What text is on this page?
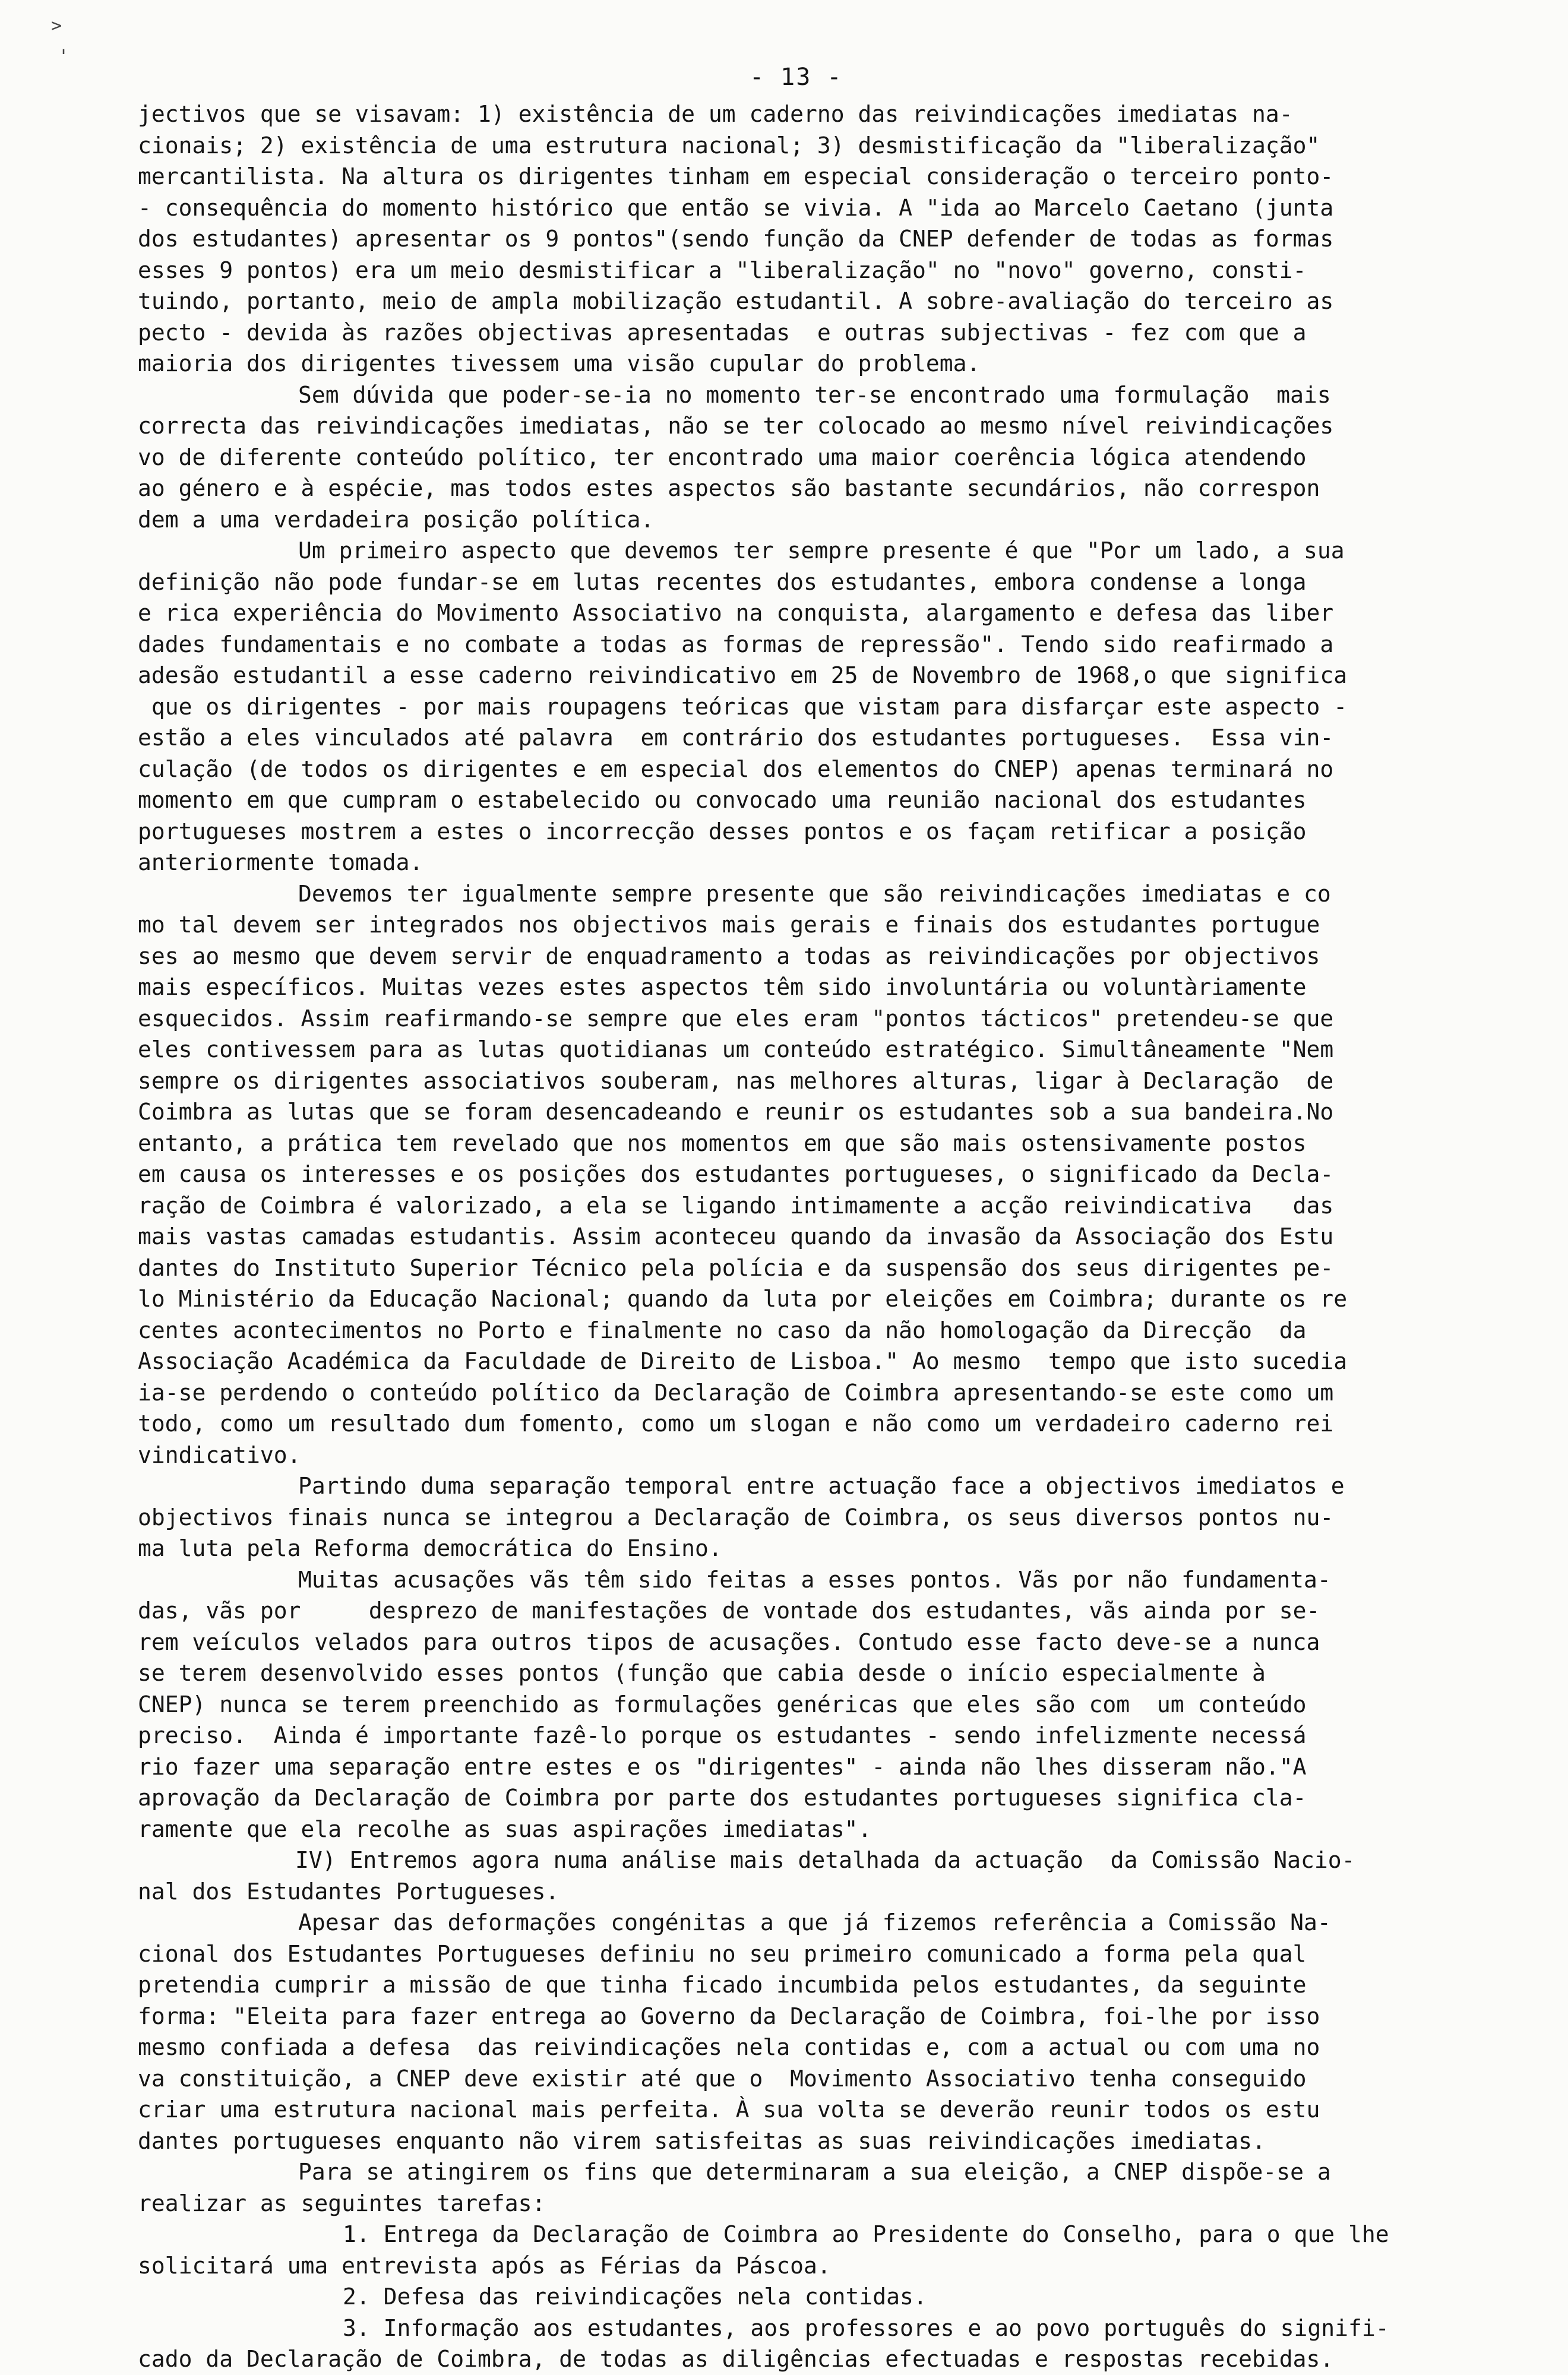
>
'
- 13 -
jectivos que se visavam: 1) existência de um caderno das reivindicações imediatas na-
cionais; 2) existência de uma estrutura nacional; 3) desmistificação da "liberalização"
mercantilista. Na altura os dirigentes tinham em especial consideração o terceiro ponto-
- consequência do momento histórico que então se vivia. A "ida ao Marcelo Caetano (junta
dos estudantes) apresentar os 9 pontos"(sendo função da CNEP defender de todas as formas
esses 9 pontos) era um meio desmistificar a "liberalização" no "novo" governo, consti-
tuindo, portanto, meio de ampla mobilização estudantil. A sobre-avaliação do terceiro as
pecto - devida às razões objectivas apresentadas  e outras subjectivas - fez com que a
maioria dos dirigentes tivessem uma visão cupular do problema.
Sem dúvida que poder-se-ia no momento ter-se encontrado uma formulação  mais
correcta das reivindicações imediatas, não se ter colocado ao mesmo nível reivindicações
vo de diferente conteúdo político, ter encontrado uma maior coerência lógica atendendo
ao género e à espécie, mas todos estes aspectos são bastante secundários, não correspon
dem a uma verdadeira posição política.
Um primeiro aspecto que devemos ter sempre presente é que "Por um lado, a sua
definição não pode fundar-se em lutas recentes dos estudantes, embora condense a longa
e rica experiência do Movimento Associativo na conquista, alargamento e defesa das liber
dades fundamentais e no combate a todas as formas de repressão". Tendo sido reafirmado a
adesão estudantil a esse caderno reivindicativo em 25 de Novembro de 1968,o que significa
que os dirigentes - por mais roupagens teóricas que vistam para disfarçar este aspecto -
estão a eles vinculados até palavra  em contrário dos estudantes portugueses.  Essa vin-
culação (de todos os dirigentes e em especial dos elementos do CNEP) apenas terminará no
momento em que cumpram o estabelecido ou convocado uma reunião nacional dos estudantes
portugueses mostrem a estes o incorrecção desses pontos e os façam retificar a posição
anteriormente tomada.
Devemos ter igualmente sempre presente que são reivindicações imediatas e co
mo tal devem ser integrados nos objectivos mais gerais e finais dos estudantes portugue
ses ao mesmo que devem servir de enquadramento a todas as reivindicações por objectivos
mais específicos. Muitas vezes estes aspectos têm sido involuntária ou voluntàriamente
esquecidos. Assim reafirmando-se sempre que eles eram "pontos tácticos" pretendeu-se que
eles contivessem para as lutas quotidianas um conteúdo estratégico. Simultâneamente "Nem
sempre os dirigentes associativos souberam, nas melhores alturas, ligar à Declaração  de
Coimbra as lutas que se foram desencadeando e reunir os estudantes sob a sua bandeira.No
entanto, a prática tem revelado que nos momentos em que são mais ostensivamente postos
em causa os interesses e os posições dos estudantes portugueses, o significado da Decla-
ração de Coimbra é valorizado, a ela se ligando intimamente a acção reivindicativa   das
mais vastas camadas estudantis. Assim aconteceu quando da invasão da Associação dos Estu
dantes do Instituto Superior Técnico pela polícia e da suspensão dos seus dirigentes pe-
lo Ministério da Educação Nacional; quando da luta por eleições em Coimbra; durante os re
centes acontecimentos no Porto e finalmente no caso da não homologação da Direcção  da
Associação Académica da Faculdade de Direito de Lisboa." Ao mesmo  tempo que isto sucedia
ia-se perdendo o conteúdo político da Declaração de Coimbra apresentando-se este como um
todo, como um resultado dum fomento, como um slogan e não como um verdadeiro caderno rei
vindicativo.
Partindo duma separação temporal entre actuação face a objectivos imediatos e
objectivos finais nunca se integrou a Declaração de Coimbra, os seus diversos pontos nu-
ma luta pela Reforma democrática do Ensino.
Muitas acusações vãs têm sido feitas a esses pontos. Vãs por não fundamenta-
das, vãs por     desprezo de manifestações de vontade dos estudantes, vãs ainda por se-
rem veículos velados para outros tipos de acusações. Contudo esse facto deve-se a nunca
se terem desenvolvido esses pontos (função que cabia desde o início especialmente à
CNEP) nunca se terem preenchido as formulações genéricas que eles são com  um conteúdo
preciso.  Ainda é importante fazê-lo porque os estudantes - sendo infelizmente necessá
rio fazer uma separação entre estes e os "dirigentes" - ainda não lhes disseram não."A
aprovação da Declaração de Coimbra por parte dos estudantes portugueses significa cla-
ramente que ela recolhe as suas aspirações imediatas".
IV) Entremos agora numa análise mais detalhada da actuação  da Comissão Nacio-
nal dos Estudantes Portugueses.
Apesar das deformações congénitas a que já fizemos referência a Comissão Na-
cional dos Estudantes Portugueses definiu no seu primeiro comunicado a forma pela qual
pretendia cumprir a missão de que tinha ficado incumbida pelos estudantes, da seguinte
forma: "Eleita para fazer entrega ao Governo da Declaração de Coimbra, foi-lhe por isso
mesmo confiada a defesa  das reivindicações nela contidas e, com a actual ou com uma no
va constituição, a CNEP deve existir até que o  Movimento Associativo tenha conseguido
criar uma estrutura nacional mais perfeita. À sua volta se deverão reunir todos os estu
dantes portugueses enquanto não virem satisfeitas as suas reivindicações imediatas.
Para se atingirem os fins que determinaram a sua eleição, a CNEP dispõe-se a
realizar as seguintes tarefas:
1. Entrega da Declaração de Coimbra ao Presidente do Conselho, para o que lhe
solicitará uma entrevista após as Férias da Páscoa.
2. Defesa das reivindicações nela contidas.
3. Informação aos estudantes, aos professores e ao povo português do signifi-
cado da Declaração de Coimbra, de todas as diligências efectuadas e respostas recebidas.
